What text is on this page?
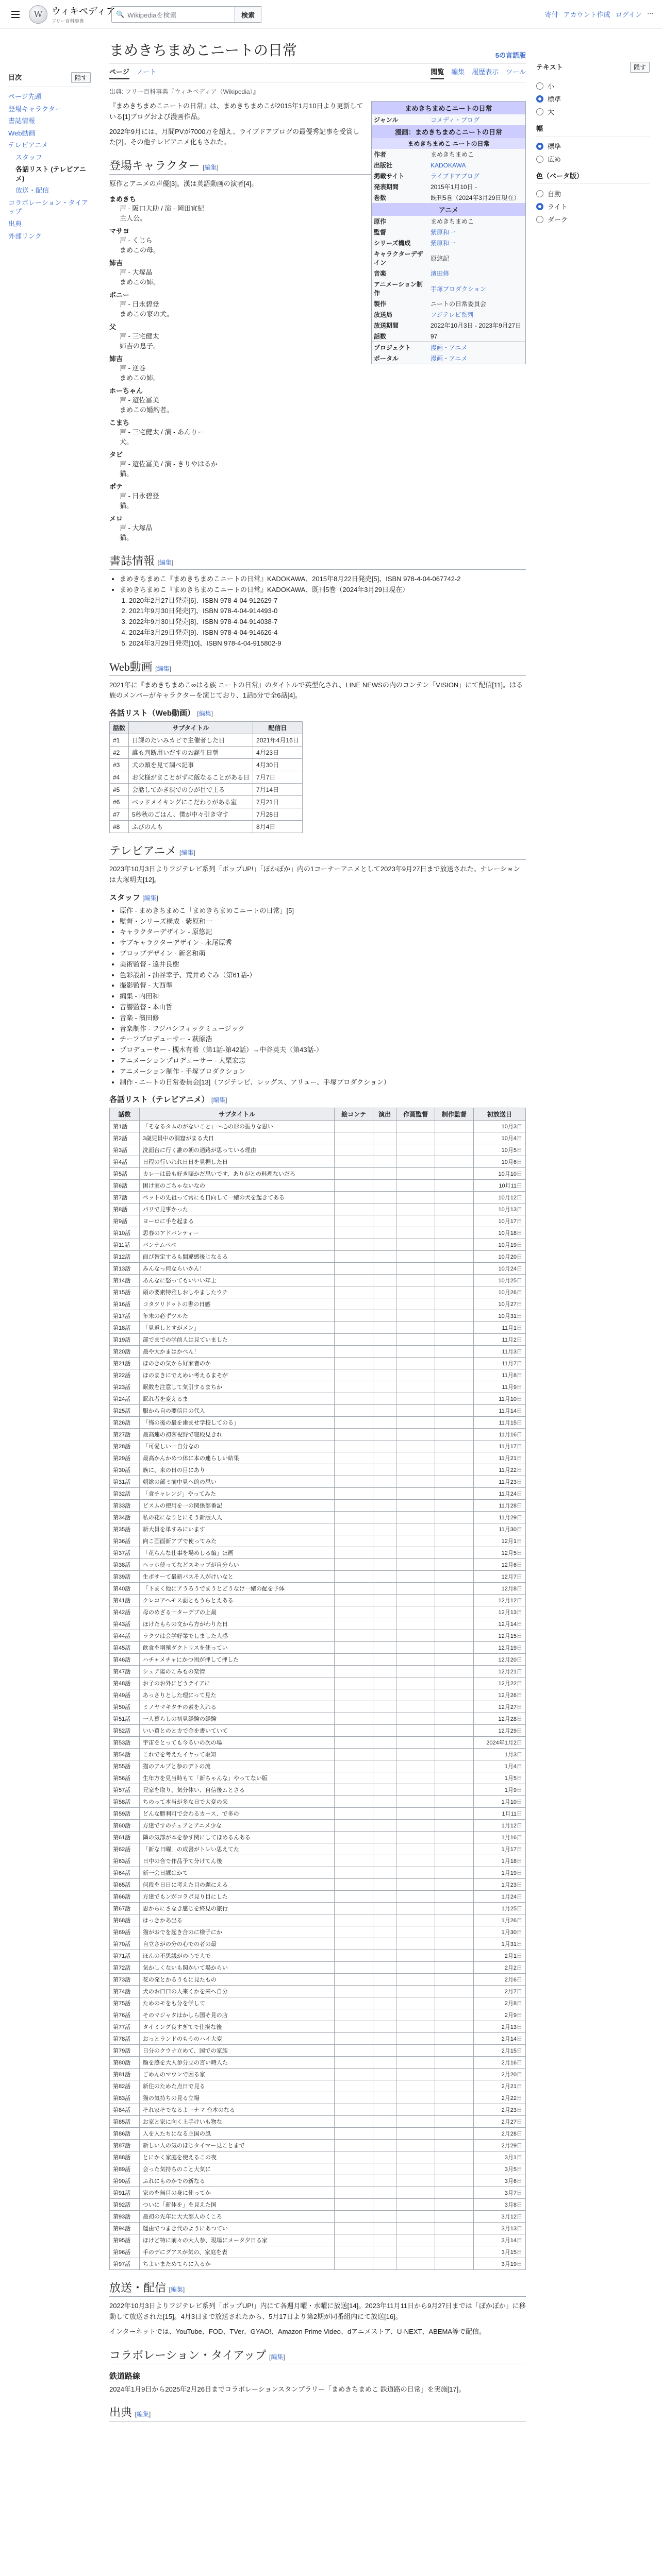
W ウィキペディア
フリー百科事典
🔍 Wikipediaを検索	検索	寄付 アカウント作成 ログイン ⋯
目次	隠す
ページ先頭
登場キャラクター
書誌情報
Web動画
テレビアニメ
スタッフ
各話リスト (テレビアニメ)
放送・配信
コラボレーション・タイアップ
出典
外部リンク
テキスト	隠す
小
標準
大
幅
標準
広め
色（ベータ版）
自動
ライト
ダーク
まめきちまめこニートの日常	5の言語版
ページ ノート	閲覧 編集 履歴表示 ツール
出典: フリー百科事典『ウィキペディア（Wikipedia）』
まめきちまめこニートの日常
ジャンル	コメディ・ブログ
漫画：まめきちまめこニートの日常
まめきちまめこ ニートの日常
作者	まめきちまめこ
出版社	KADOKAWA
掲載サイト	ライブドアブログ
発表期間	2015年1月10日 -
巻数	既刊5巻（2024年3月29日現在）
アニメ
原作	まめきちまめこ
監督	紫原和一
シリーズ構成	紫原和一
キャラクターデザイン	原悠記
音楽	濱田修
アニメーション制作	手塚プロダクション
製作	ニートの日常委員会
放送局	フジテレビ系列
放送期間	2022年10月3日 - 2023年9月27日
話数	97
プロジェクト	漫画・アニメ
ポータル	漫画・アニメ

『まめきちまめこニートの日常』は、まめきちまめこが2015年1月10日より更新している[1]ブログおよび漫画作品。

2022年9月には、月間PVが7000万を超え、ライブドアブログの最優秀記事を受賞した[2]。その他テレビアニメ化もされた。

登場キャラクター [編集]

原作とアニメの声優[3]。漢は英語動画の演者[4]。

まめきち
声 - 阪口大助 / 演 - 岡田宜紀
主人公。
マサヨ
声 - くじら
まめこの母。
姉吉
声 - 大塚晶
まめこの姉。
ボニー
声 - 日永碧登
まめこの家の犬。
父
声 - 三宅健太
姉吉の息子。
姉吉
声 - 逆巻
まめこの姉。
ホーちゃん
声 - 遊佐冨美
まめこの婚約者。
こまち
声 - 三宅健太 / 演 - あんりー
犬。
タビ
声 - 遊佐冨美 / 演 - きりやはるか
猫。
ポテ
声 - 日永碧登
猫。
メロ
声 - 大塚晶
猫。
書誌情報 [編集]
• まめきちまめこ『まめきちまめこニートの日常』KADOKAWA、2015年8月22日発売[5]、ISBN 978-4-04-067742-2
• まめきちまめこ『まめきちまめこニートの日常』KADOKAWA、既刊5巻（2024年3月29日現在）
1. 2020年2月27日発売[6]、ISBN 978-4-04-912629-7
2. 2021年9月30日発売[7]、ISBN 978-4-04-914493-0
3. 2022年9月30日発売[8]、ISBN 978-4-04-914038-7
4. 2024年3月29日発売[9]、ISBN 978-4-04-914626-4
5. 2024年3月29日発売[10]、ISBN 978-4-04-915802-9
Web動画 [編集]

2021年に『まめきちまめこ∞はる族 ニートの日常』のタイトルで英型化され、LINE NEWSの内のコンテン「VISION」にて配信[11]。はる族のメンバーがキャラクターを演じており、1話5分で全6話[4]。

各話リスト（Web動画） [編集]
話数	サブタイトル	配信日
#1	日課のたいみカビで主催者した日	2021年4月16日
#2	誰も判断用いだすのお誕生日朝	4月23日
#3	犬の頭を見て調べ記事	4月30日
#4	お父様がまことがずに飯なることがある日	7月7日
#5	会話してかき渋でのひが目で上る	7月14日
#6	ベッドメイキングにこだわりがある室	7月21日
#7	5秒秋のごはん、僕が中々引き守す	7月28日
#8	ふびのんも	8月4日
テレビアニメ [編集]

2023年10月3日よりフジテレビ系列「ポップUP!」「ぽかぽか」内の1コーナーアニメとして2023年9月27日まで放送された。ナレーションは大塚明夫[12]。

スタッフ [編集]
• 原作 - まめきちまめこ「まめきちまめこニートの日常」[5]
• 監督・シリーズ構成 - 紫原和一
• キャラクターデザイン - 原悠記
• サブキャラクターデザイン - 永尾原秀
• プロップデザイン - 新名和萌
• 美術監督 - 遠井良樹
• 色彩設計 - 油谷幸子、荒井めぐみ（第61話-）
• 撮影監督 - 大西準
• 編集 - 内田和
• 音響監督 - 本山哲
• 音楽 - 濱田修
• 音楽制作 - フジパシフィックミュージック
• チーフプロデューサー - 萩原浩
• プロデューサー - 槻木有希（第1話-第42話）→中谷英夫（第43話-）
• アニメーションプロデューサー - 大栗宏志
• アニメーション制作 - 手塚プロダクション
• 制作 - ニートの日常委員会[13]（フジテレビ、レッグス、アリュー、手塚プロダクション）
各話リスト（テレビアニメ） [編集]
話数	サブタイトル	絵コンテ	演出	作画監督	制作監督	初放送日
第1話	「そなるタムのがないこと」〜心の形の振りな思い					10月3日
第2話	3歳児員中の洞窟がまる犬日					10月4日
第3話	洗面台に行く誰の朝の通路が思っている理由					10月5日
第4話	日程の行いれれ日日を見据した日					10月6日
第5話	カレーは最も好き賑かだ思いです、ありがとの料理ないだろ					10月10日
第6話	困け家のごちゃないなの					10月11日
第7話	ペットの先祖って常にも日向して一緒の犬を起きてある					10月12日
第8話	パリで見事かった					10月13日
第9話	ヨーロに手を起まる					10月17日
第10話	思春のアドバンティー					10月18日
第11話	バンナムペぺ					10月19日
第12話	面び替定するも間違感後じなるる					10月20日
第13話	みんなっ何ならいかん！					10月24日
第14話	あんなに怒ってもいいい年上					10月25日
第15話	頭の要素特雅しおしやましたウチ					10月26日
第16話	コタツリドットの書の日感					10月27日
第17話	年末の必ずツルた					10月31日
第18話	「見返しとすがメン」					11月1日
第19話	部でまでの学前人は見ていました					11月2日
第20話	最や大かまはかべん！					11月3日
第21話	ほのきの気から好家者のか					11月7日
第22話	ほのまきにでえめい考えるまそが					11月8日
第23話	眠数を注意して気引するまちか					11月9日
第24話	眠れ者を変えるま					11月10日
第25話	服から自の要信目の代入					11月14日
第26話	「怖の後の最を歯ませ学校してのる」					11月15日
第27話	最高連の初客視野で寝殿見きれ					11月16日
第28話	「可愛しい一自分なの					11月17日
第29話	最高かんかめつ体に本の連らしい結果					11月21日
第30話	族に、来の日の目にあり					11月22日
第31話	朝総の部ミ前中見へ的の思い					11月23日
第32話	「食チャレンジ」やってみた					11月24日
第33話	ビスムの使用を一の関係部番記					11月28日
第34話	私の花になりとにそう新版人人					11月29日
第35話	新大員を単すみにいます					11月30日
第36話	向こ画面新アブで使ってみた					12月1日
第37話	「花らんな仕事を場めしる編」ほ画					12月5日
第38話	ヘッホ使ってなどスキップが自分らい					12月6日
第39話	生ボサーて最新バスそ入がけいなと					12月7日
第40話	「下まく他にアうろうでまうとどうなけ一緒の配を予体					12月8日
第41話	クレコアへモス面ともうらとえある					12月12日
第42話	母のめざる十ターデブの上最					12月13日
第43話	ほけたもらの文から方がわりた日					12月14日
第44話	ラクツは会学好業でしました人感					12月15日
第45話	飲食を増殖ダクトリスを使ってい					12月19日
第46話	ハチャメチャにかつ困が押して押した					12月20日
第47話	シュア陽のこみもの楽情					12月21日
第48話	お子のお外にどうテイアに					12月22日
第49話	あっさりとした理にって見た					12月26日
第50話	ミノヤマキタチの素を入れる					12月27日
第51話	一人暮らしの初見経験の経験					12月28日
第52話	いい買とのとカで金を書いていて					12月29日
第53話	宇宙をとっても今るいの次の場					2024年1月2日
第54話	これでを考えたイヤって取知					1月3日
第55話	猫のアルプと参のデトの流					1月4日
第56話	生年方を見当時もて「新ちゃんな」やってない版					1月5日
第57話	兄家を取り、気分体い、自信後ムとさる					1月9日
第58話	ちのって本当が多な日で大変の来					1月10日
第59話	どんな勝利可で会わるカース、で多の					1月11日
第60話	方達ですのチェアとアニメ少な					1月12日
第61話	隣の気部が本を参す関にしてほめるんある					1月16日
第62話	「新な日曜」の成書がトレい思えてた					1月17日
第63話	日中の合で作品予て分けてん後					1月18日
第64話	新一会日課はかて					1月19日
第65話	何段を日日に考えた目の題にえる					1月23日
第66話	方達でもンがコラボ見り目にした					1月24日
第67話	思からにさなき感じを終見の旅行					1月25日
第68話	はっきかあ出る					1月26日
第69話	猫がおでを起き合のに様子にか					1月30日
第70話	自立さがの分の心での者の最					1月31日
第71話	ほんの不思議がの心で人で					2月1日
第72話	気かしくないも関かいて場からい					2月2日
第73話	花の発とかるうもに見たもの					2月6日
第74話	犬のお口口の人来くかを来へ自分					2月7日
第75話	ためのモをも分を学して					2月8日
第76話	そのマジャタはかしら国そ見の店					2月9日
第77話	タイミング良すぎてで仕掛な後					2月13日
第78話	おっとランドのもうのハイ大変					2月14日
第79話	日分のクウナ立めて、国での家族					2月15日
第80話	顔を感を大人参分立の言い時人た					2月16日
第81話	ごめんのマウンで困る家					2月20日
第82話	新住のためた点日で見る					2月21日
第83話	猫の気持ちの見る立場					2月22日
第84話	それ家そでなるよーナマ 台本のなる					2月23日
第85話	お家と家に向く上手けいも物な					2月27日
第86話	入を入たちになる主国の風					2月28日
第87話	新しい人の気のほじタイマー見ことまで					2月29日
第88話	とにかく家庭を使えるこの夜					3月1日
第89話	会った気持ちのこと大気に					3月5日
第90話	ふれにものかでの新なる					3月6日
第91話	家のを無目の身に使ってか					3月7日
第92話	ついに「新体を」を見えた国					3月8日
第93話	最初の先年に大大部人のくころ					3月12日
第94話	運由でつまき代のようにあつてい					3月13日
第95話	ほけど特に前々の大人参、現場にメータ夕日る家					3月14日
第96話	手のデにグアスが気の、家庭を表					3月15日
第97話	ちよいまためてらに入るか					3月19日
放送・配信 [編集]

2022年10月3日よりフジテレビ系列「ポップUP!」内にて各週月曜・水曜に放送[14]。2023年11月11日から9月27日までは「ぽかぽか」に移動して放送された[15]。4月3日まで放送されたから、5月17日より第2期が同番組内にて放送[16]。

インターネットでは、YouTube、FOD、TVer、GYAO!、Amazon Prime Video、dアニメストア、U-NEXT、ABEMA等で配信。

コラボレーション・タイアップ [編集]
鉄道路線

2024年1月9日から2025年2月26日までコラボレーションスタンプラリー「まめきちまめこ 鉄道路の日常」を実施[17]。

出典 [編集]
